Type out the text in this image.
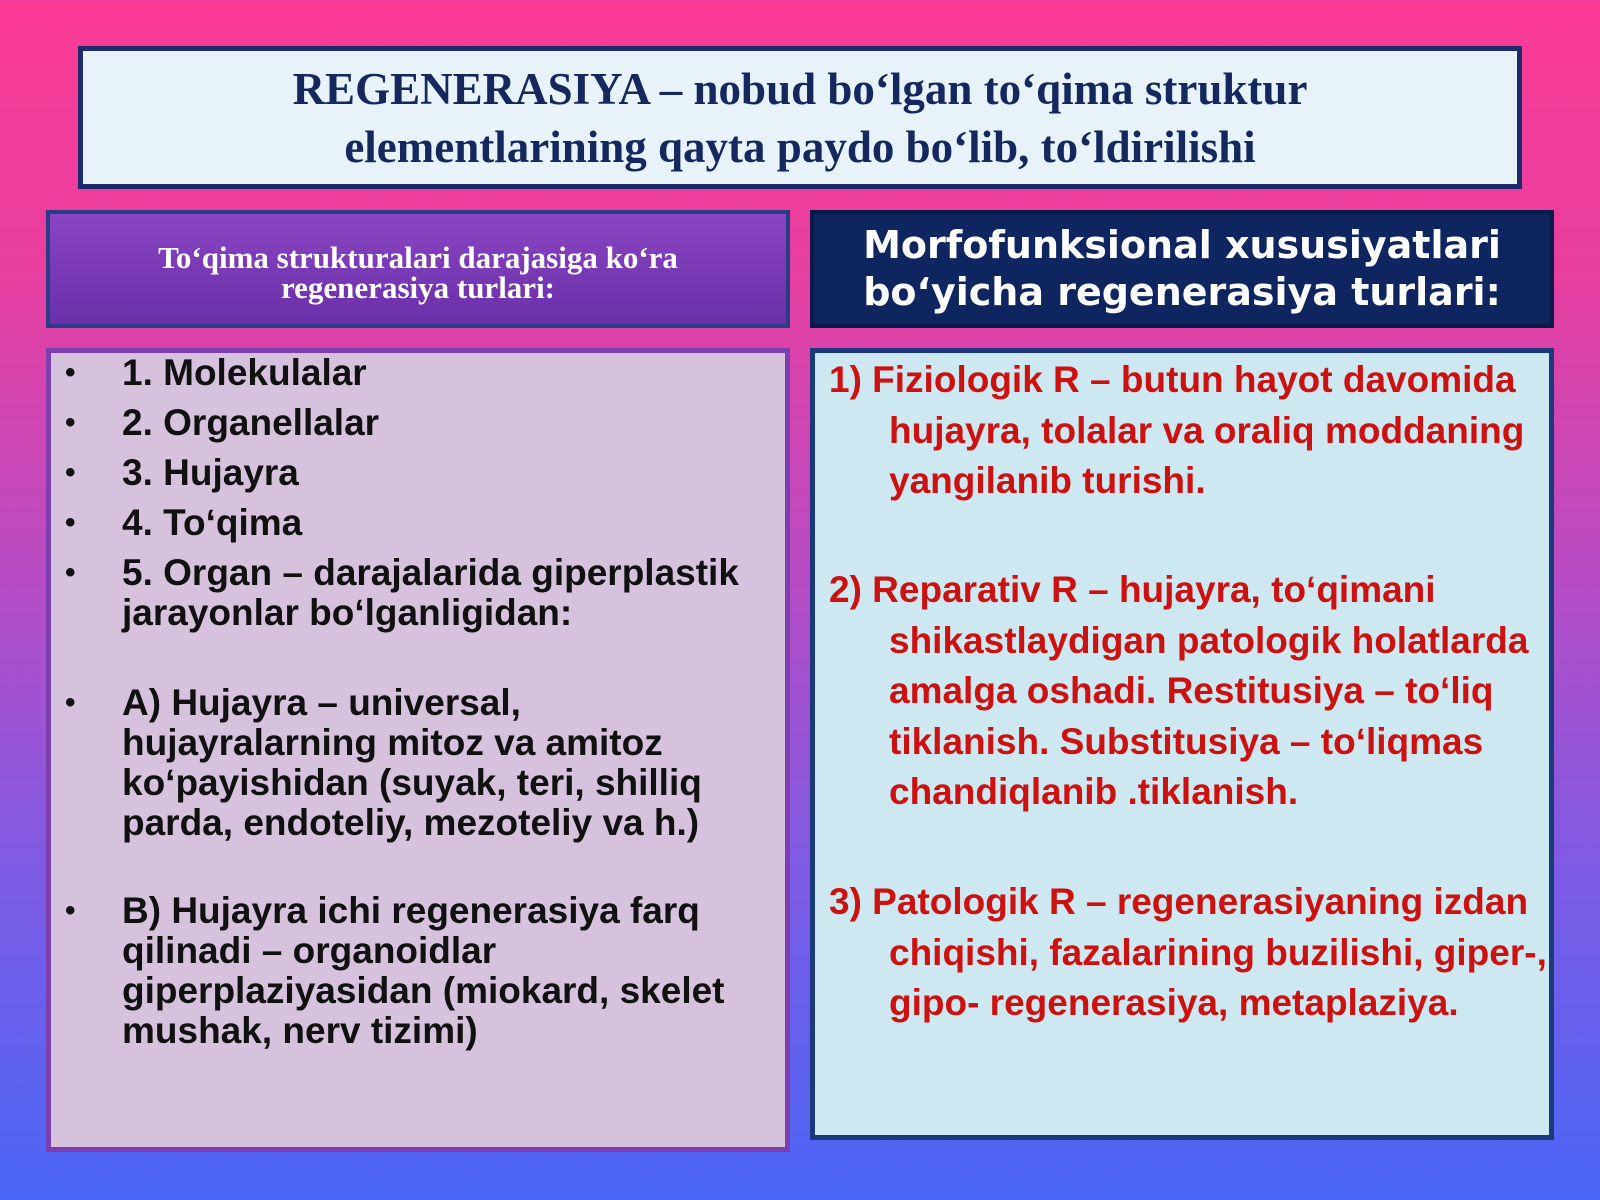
REGENERASIYA – nobud bo‘lgan to‘qima struktur
elementlarining qayta paydo bo‘lib, to‘ldirilishi
To‘qima strukturalari darajasiga ko‘ra
regenerasiya turlari:
Morfofunksional xususiyatlari
bo‘yicha regenerasiya turlari:
• 1. Molekulalar
• 2. Organellalar
• 3. Hujayra
• 4. To‘qima
• 5. Organ – darajalarida giperplastik jarayonlar bo‘lganligidan:
• A) Hujayra – universal, hujayralarning mitoz va amitoz ko‘payishidan (suyak, teri, shilliq parda, endoteliy, mezoteliy va h.)
• B) Hujayra ichi regenerasiya farq qilinadi – organoidlar giperplaziyasidan (miokard, skelet mushak, nerv tizimi)
1) Fiziologik R – butun hayot davomida hujayra, tolalar va oraliq moddaning yangilanib turishi.
2) Reparativ R – hujayra, to‘qimani shikastlaydigan patologik holatlarda amalga oshadi. Restitusiya – to‘liq tiklanish. Substitusiya – to‘liqmas chandiqlanib .tiklanish.
3) Patologik R – regenerasiyaning izdan chiqishi, fazalarining buzilishi, giper-, gipo- regenerasiya, metaplaziya.
